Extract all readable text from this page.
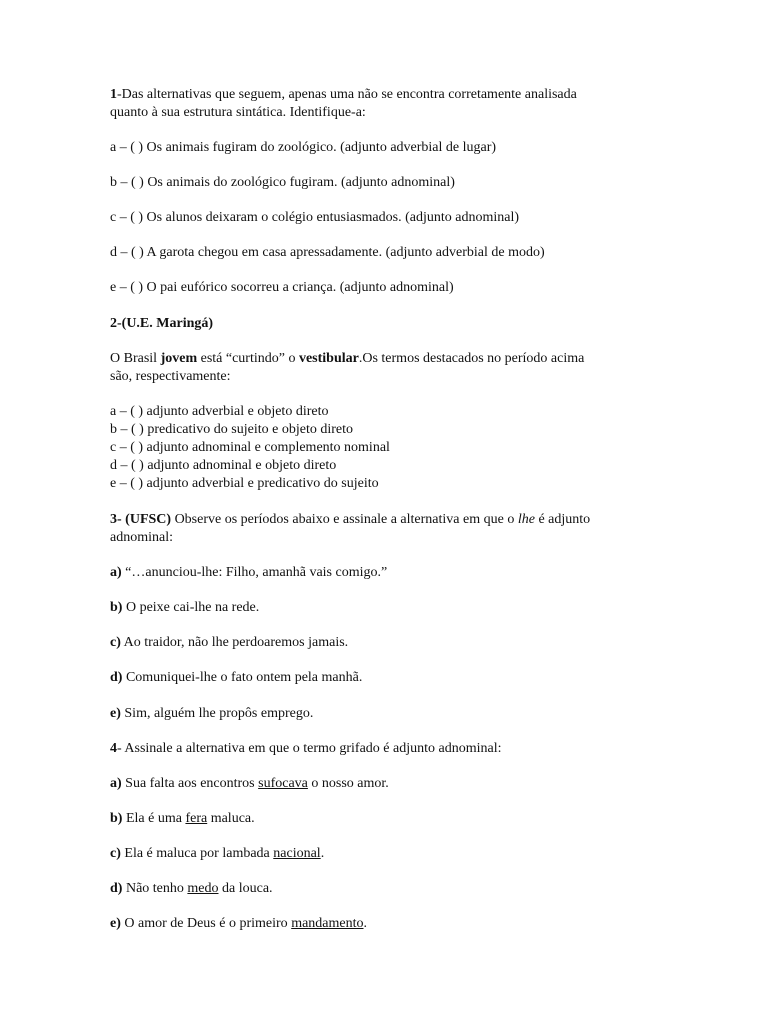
1-Das alternativas que seguem, apenas uma não se encontra corretamente analisada
quanto à sua estrutura sintática. Identifique-a:
a – ( ) Os animais fugiram do zoológico. (adjunto adverbial de lugar)
b – ( ) Os animais do zoológico fugiram. (adjunto adnominal)
c – ( ) Os alunos deixaram o colégio entusiasmados. (adjunto adnominal)
d – ( ) A garota chegou em casa apressadamente. (adjunto adverbial de modo)
e – ( ) O pai eufórico socorreu a criança. (adjunto adnominal)
2-(U.E. Maringá)
O Brasil jovem está “curtindo” o vestibular.Os termos destacados no período acima
são, respectivamente:
a – ( ) adjunto adverbial e objeto direto
b – ( ) predicativo do sujeito e objeto direto
c – ( ) adjunto adnominal e complemento nominal
d – ( ) adjunto adnominal e objeto direto
e – ( ) adjunto adverbial e predicativo do sujeito
3- (UFSC) Observe os períodos abaixo e assinale a alternativa em que o lhe é adjunto
adnominal:
a) “…anunciou-lhe: Filho, amanhã vais comigo.”
b) O peixe cai-lhe na rede.
c) Ao traidor, não lhe perdoaremos jamais.
d) Comuniquei-lhe o fato ontem pela manhã.
e) Sim, alguém lhe propôs emprego.
4- Assinale a alternativa em que o termo grifado é adjunto adnominal:
a) Sua falta aos encontros sufocava o nosso amor.
b) Ela é uma fera maluca.
c) Ela é maluca por lambada nacional.
d) Não tenho medo da louca.
e) O amor de Deus é o primeiro mandamento.
